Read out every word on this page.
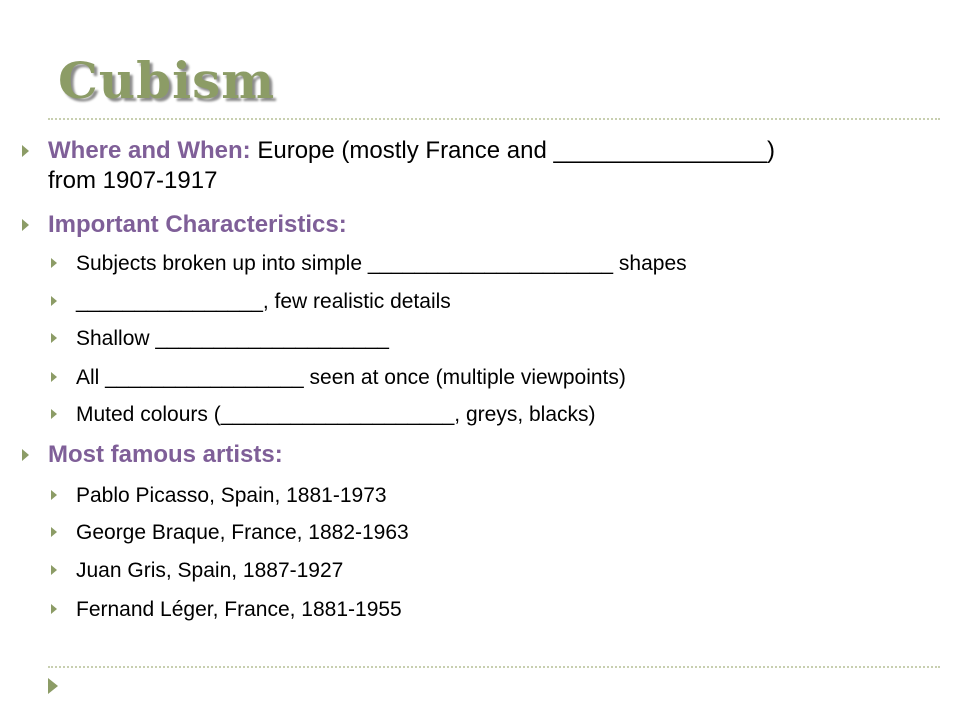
Cubism
Where and When: Europe (mostly France and ________________)
from 1907-1917
Important Characteristics:
Subjects broken up into simple _____________________ shapes
________________, few realistic details
Shallow ____________________
All _________________ seen at once (multiple viewpoints)
Muted colours (____________________, greys, blacks)
Most famous artists:
Pablo Picasso, Spain, 1881-1973
George Braque, France, 1882-1963
Juan Gris, Spain, 1887-1927
Fernand Léger, France, 1881-1955
